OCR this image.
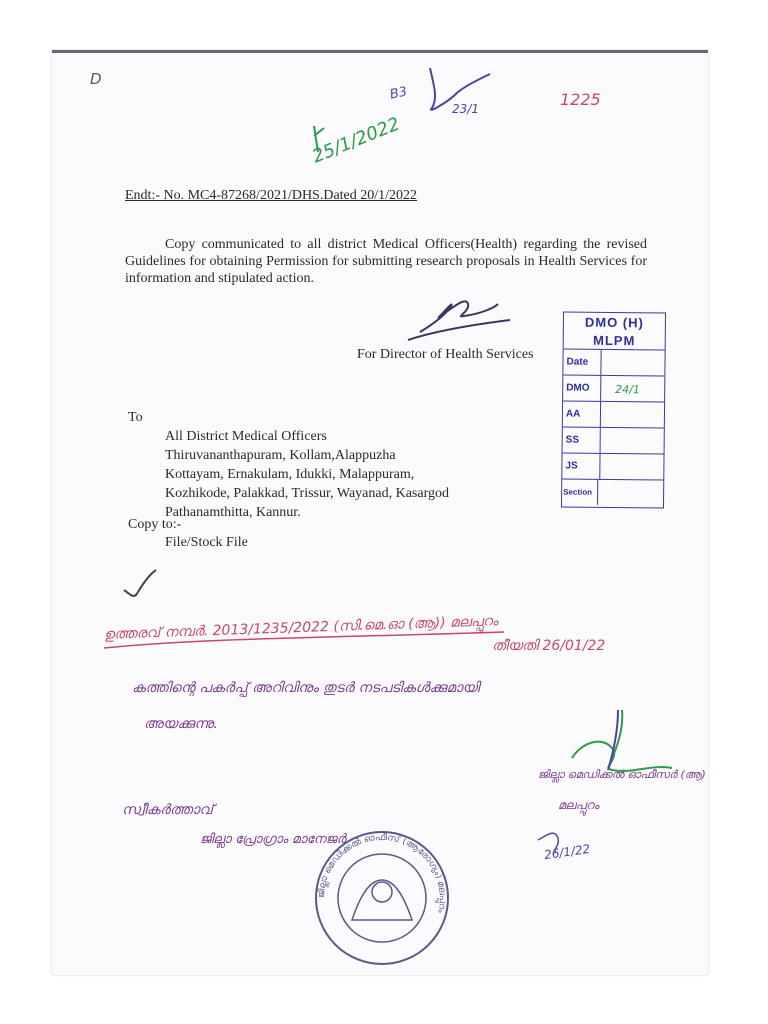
D
1225
25/1/2022
B3
23/1
Endt:- No. MC4-87268/2021/DHS.Dated 20/1/2022
Copy communicated to all district Medical Officers(Health) regarding the revised Guidelines for obtaining Permission for submitting research proposals in Health Services for information and stipulated action.
For Director of Health Services
To
All District Medical Officers
Thiruvananthapuram, Kollam,Alappuzha
Kottayam, Ernakulam, Idukki, Malappuram,
Kozhikode, Palakkad, Trissur, Wayanad, Kasargod
Pathanamthitta, Kannur.
Copy to:-
File/Stock File
DMO (H)
MLPM
Date
DMO	24/1
AA
SS
JS
Section
ഉത്തരവ് നമ്പർ. 2013/1235/2022 (സി.മെ.ഓ (ആ)) മലപ്പുറം
തീയതി 26/01/22
കത്തിന്റെ പകർപ്പ് അറിവിനും തുടർ നടപടികൾക്കുമായി
അയക്കുന്നു.
ജില്ലാ മെഡിക്കൽ ഓഫീസർ (ആ)
മലപ്പുറം
സ്വീകർത്താവ്
ജില്ലാ പ്രോഗ്രാം മാനേജർ
26/1/22
ജില്ലാ മെഡിക്കൽ ഓഫീസ് (ആരോഗ്യം) മലപ്പുറം
